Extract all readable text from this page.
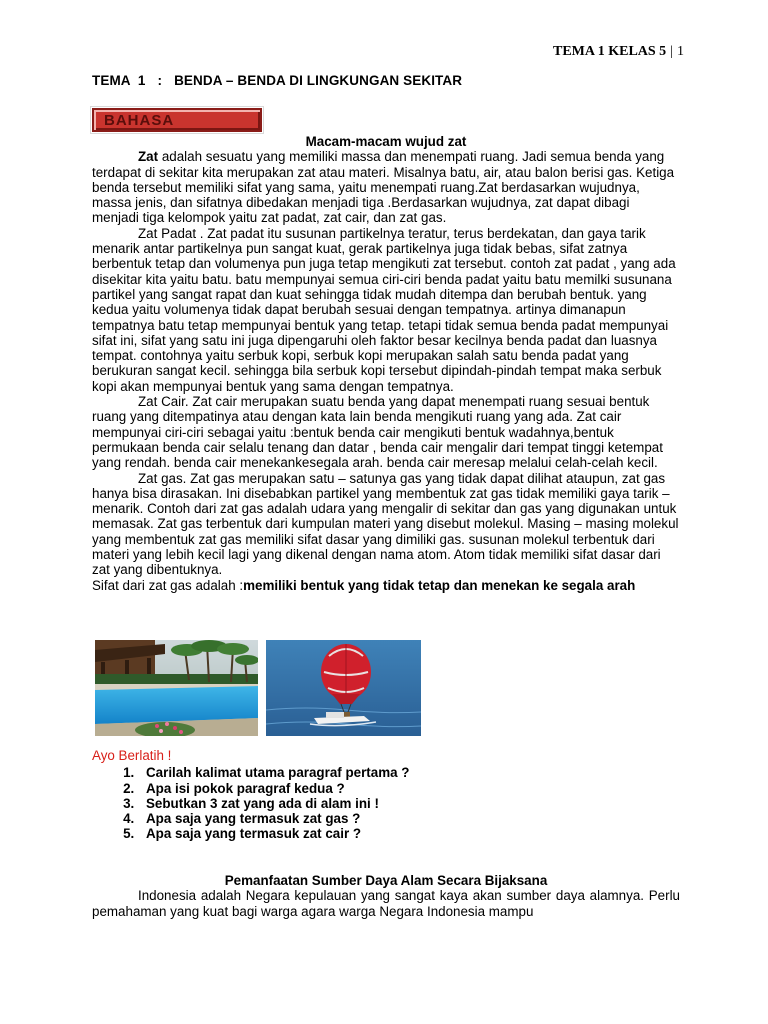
TEMA 1 KELAS 5 | 1
TEMA  1 : BENDA – BENDA DI LINGKUNGAN SEKITAR
BAHASA

Macam-macam wujud zat

Zat adalah sesuatu yang memiliki massa dan menempati ruang. Jadi semua benda yang terdapat di sekitar kita merupakan zat atau materi. Misalnya batu, air, atau balon berisi gas. Ketiga benda tersebut memiliki sifat yang sama, yaitu menempati ruang.Zat berdasarkan wujudnya, massa jenis, dan sifatnya dibedakan menjadi tiga .Berdasarkan wujudnya, zat dapat dibagi menjadi tiga kelompok yaitu zat padat, zat cair, dan zat gas.

Zat Padat . Zat padat itu susunan partikelnya teratur, terus berdekatan, dan gaya tarik menarik antar partikelnya pun sangat kuat, gerak partikelnya juga tidak bebas, sifat zatnya berbentuk tetap dan volumenya pun juga tetap mengikuti zat tersebut. contoh zat padat , yang ada disekitar kita yaitu batu. batu mempunyai semua ciri-ciri benda padat yaitu batu memilki susunana partikel yang sangat rapat dan kuat sehingga tidak mudah ditempa dan berubah bentuk. yang kedua yaitu volumenya tidak dapat berubah sesuai dengan tempatnya. artinya dimanapun tempatnya batu tetap mempunyai bentuk yang tetap. tetapi tidak semua benda padat mempunyai sifat ini, sifat yang satu ini juga dipengaruhi oleh faktor besar kecilnya benda padat dan luasnya tempat. contohnya yaitu serbuk kopi, serbuk kopi merupakan salah satu benda padat yang berukuran sangat kecil. sehingga bila serbuk kopi tersebut dipindah-pindah tempat maka serbuk kopi akan mempunyai bentuk yang sama dengan tempatnya.

Zat Cair. Zat cair merupakan suatu benda yang dapat menempati ruang sesuai bentuk ruang yang ditempatinya atau dengan kata lain benda mengikuti ruang yang ada. Zat cair mempunyai ciri-ciri sebagai yaitu :bentuk benda cair mengikuti bentuk wadahnya,bentuk permukaan benda cair selalu tenang dan datar , benda cair mengalir dari tempat tinggi ketempat yang rendah. benda cair menekankesegala arah. benda cair meresap melalui celah-celah kecil.

Zat gas. Zat gas merupakan satu – satunya gas yang tidak dapat dilihat ataupun, zat gas hanya bisa dirasakan. Ini disebabkan partikel yang membentuk zat gas tidak memiliki gaya tarik – menarik. Contoh dari zat gas adalah udara yang mengalir di sekitar dan gas yang digunakan untuk memasak. Zat gas terbentuk dari kumpulan materi yang disebut molekul. Masing – masing molekul yang membentuk zat gas memiliki sifat dasar yang dimiliki gas. susunan molekul terbentuk dari materi yang lebih kecil lagi yang dikenal dengan nama atom. Atom tidak memiliki sifat dasar dari zat yang dibentuknya.

Sifat dari zat gas adalah :memiliki bentuk yang tidak tetap dan menekan ke segala arah

Ayo Berlatih !
1. Carilah kalimat utama paragraf pertama ?
2. Apa isi pokok paragraf kedua ?
3. Sebutkan 3 zat yang ada di alam ini !
4. Apa saja yang termasuk zat gas ?
5. Apa saja yang termasuk zat cair ?

Pemanfaatan Sumber Daya Alam Secara Bijaksana

Indonesia adalah Negara kepulauan yang sangat kaya akan sumber daya alamnya. Perlu pemahaman yang kuat bagi warga agara warga Negara Indonesia mampu
